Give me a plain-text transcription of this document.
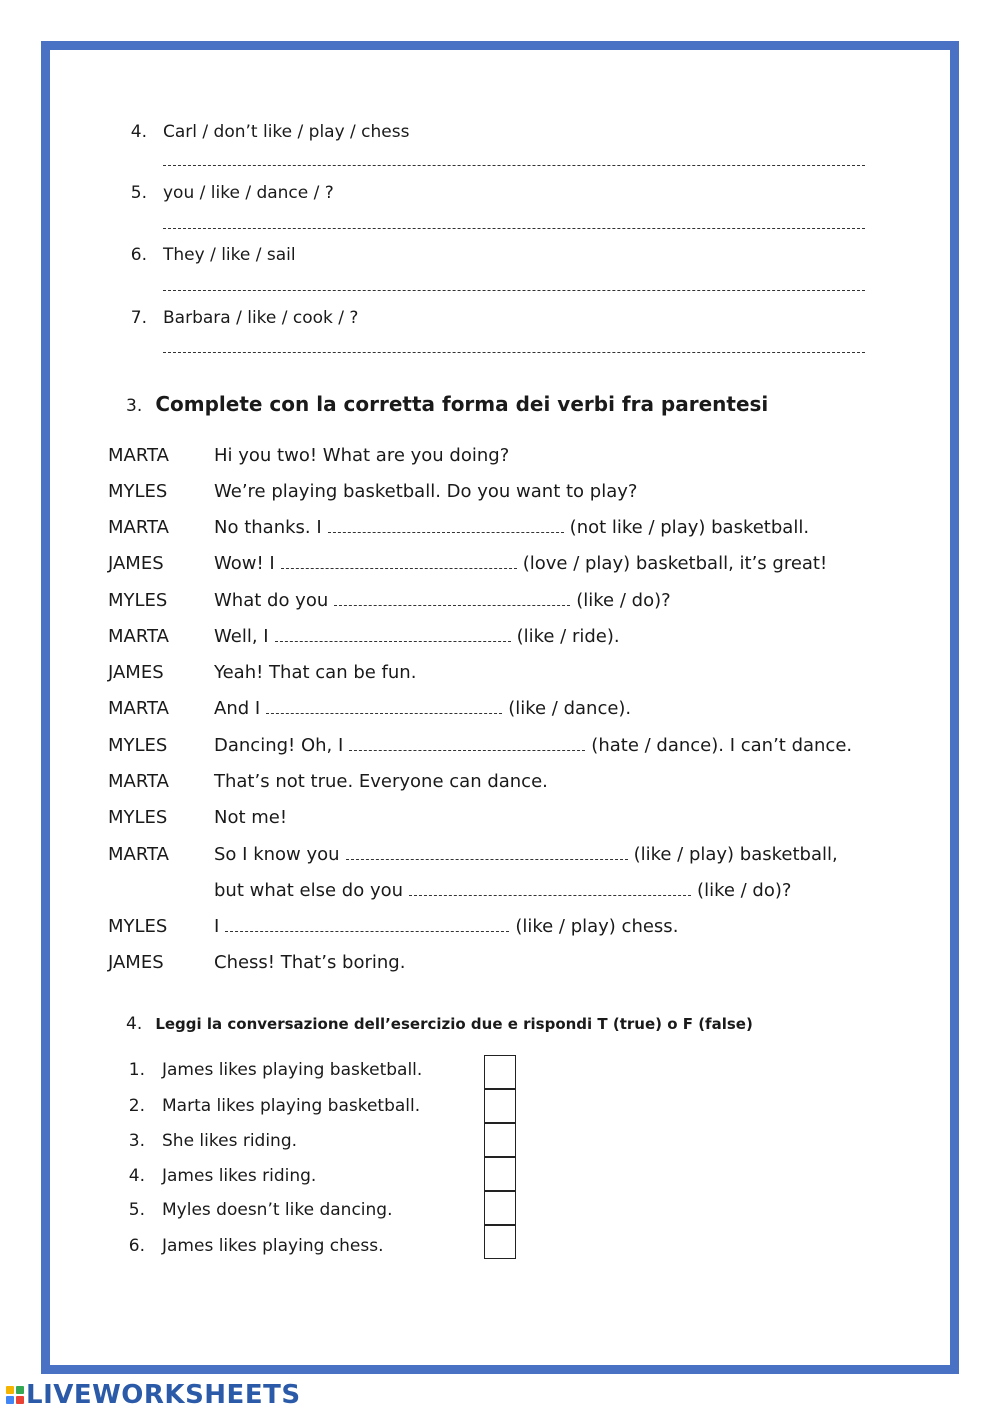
4. Carl / don’t like / play / chess
5. you / like / dance / ?
6. They / like / sail
7. Barbara / like / cook / ?
3. Complete con la corretta forma dei verbi fra parentesi
MARTA	Hi you two! What are you doing?
MYLES	We’re playing basketball. Do you want to play?
MARTA	No thanks. I	(not like / play) basketball.
JAMES	Wow! I	(love / play) basketball, it’s great!
MYLES	What do you	(like / do)?
MARTA	Well, I	(like / ride).
JAMES	Yeah! That can be fun.
MARTA	And I	(like / dance).
MYLES	Dancing! Oh, I	(hate / dance). I can’t dance.
MARTA	That’s not true. Everyone can dance.
MYLES	Not me!
MARTA	So I know you	(like / play) basketball,
but what else do you	(like / do)?
MYLES	I	(like / play) chess.
JAMES	Chess! That’s boring.
4. Leggi la conversazione dell’esercizio due e rispondi T (true) o F (false)
1. James likes playing basketball.
2. Marta likes playing basketball.
3. She likes riding.
4. James likes riding.
5. Myles doesn’t like dancing.
6. James likes playing chess.
LIVEWORKSHEETS
